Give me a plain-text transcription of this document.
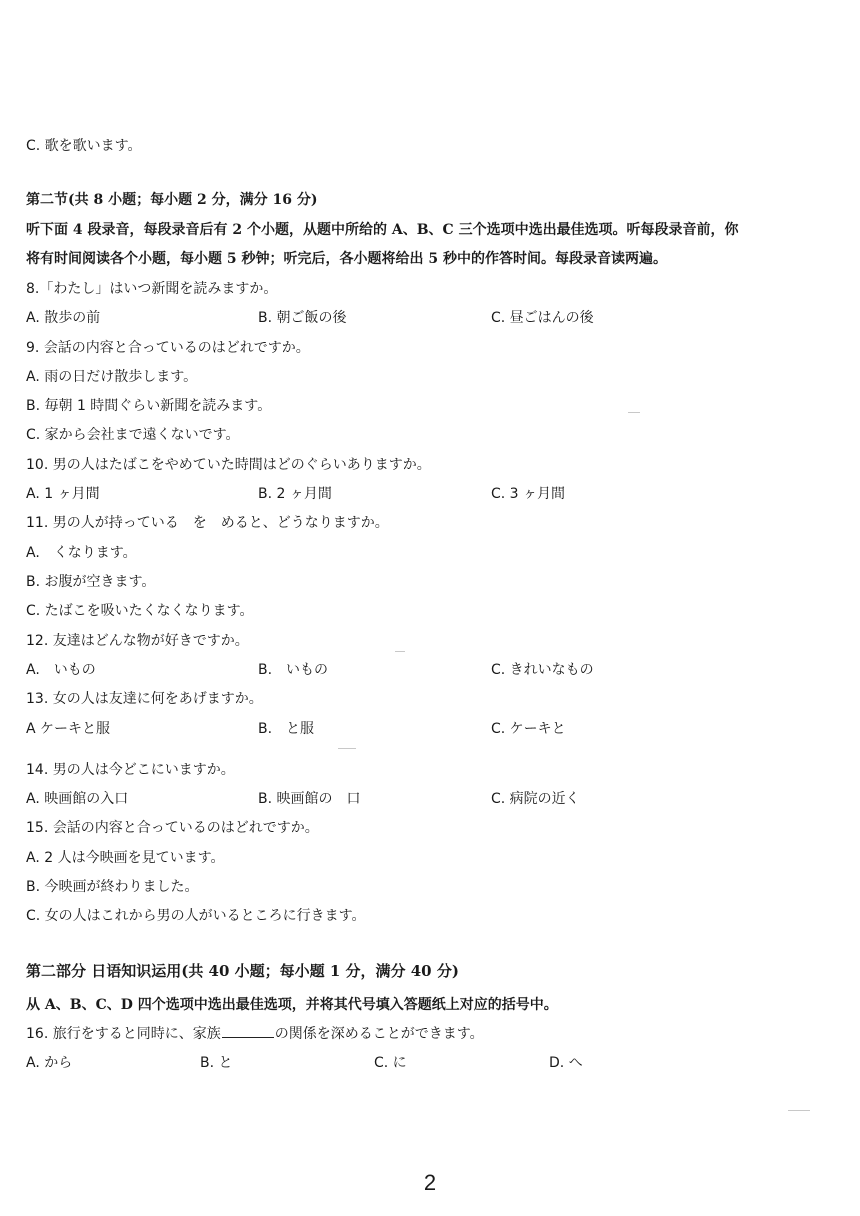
C. 歌を歌います。
第二节(共 8 小题；每小题 2 分，满分 16 分)
听下面 4 段录音，每段录音后有 2 个小题，从题中所给的 A、B、C 三个选项中选出最佳选项。听每段录音前，你
将有时间阅读各个小题，每小题 5 秒钟；听完后，各小题将给出 5 秒中的作答时间。每段录音读两遍。
8.「わたし」はいつ新聞を読みますか。
A. 散歩の前	B. 朝ご飯の後	C. 昼ごはんの後
9. 会話の内容と合っているのはどれですか。
A. 雨の日だけ散歩します。
B. 毎朝 1 時間ぐらい新聞を読みます。
C. 家から会社まで遠くないです。
10. 男の人はたばこをやめていた時間はどのぐらいありますか。
A. 1 ヶ月間	B. 2 ヶ月間	C. 3 ヶ月間
11. 男の人が持っている　を　めると、どうなりますか。
A.　くなります。
B. お腹が空きます。
C. たばこを吸いたくなくなります。
12. 友達はどんな物が好きですか。
A.　いもの	B.　いもの	C. きれいなもの
13. 女の人は友達に何をあげますか。
A ケーキと服	B.　と服	C. ケーキと
14. 男の人は今どこにいますか。
A. 映画館の入口	B. 映画館の　口	C. 病院の近く
15. 会話の内容と合っているのはどれですか。
A. 2 人は今映画を見ています。
B. 今映画が終わりました。
C. 女の人はこれから男の人がいるところに行きます。
第二部分 日语知识运用(共 40 小题；每小题 1 分，满分 40 分)
从 A、B、C、D 四个选项中选出最佳选项，并将其代号填入答题纸上对应的括号中。
16. 旅行をすると同時に、家族	の関係を深めることができます。
A. から	B. と	C. に	D. へ
2
